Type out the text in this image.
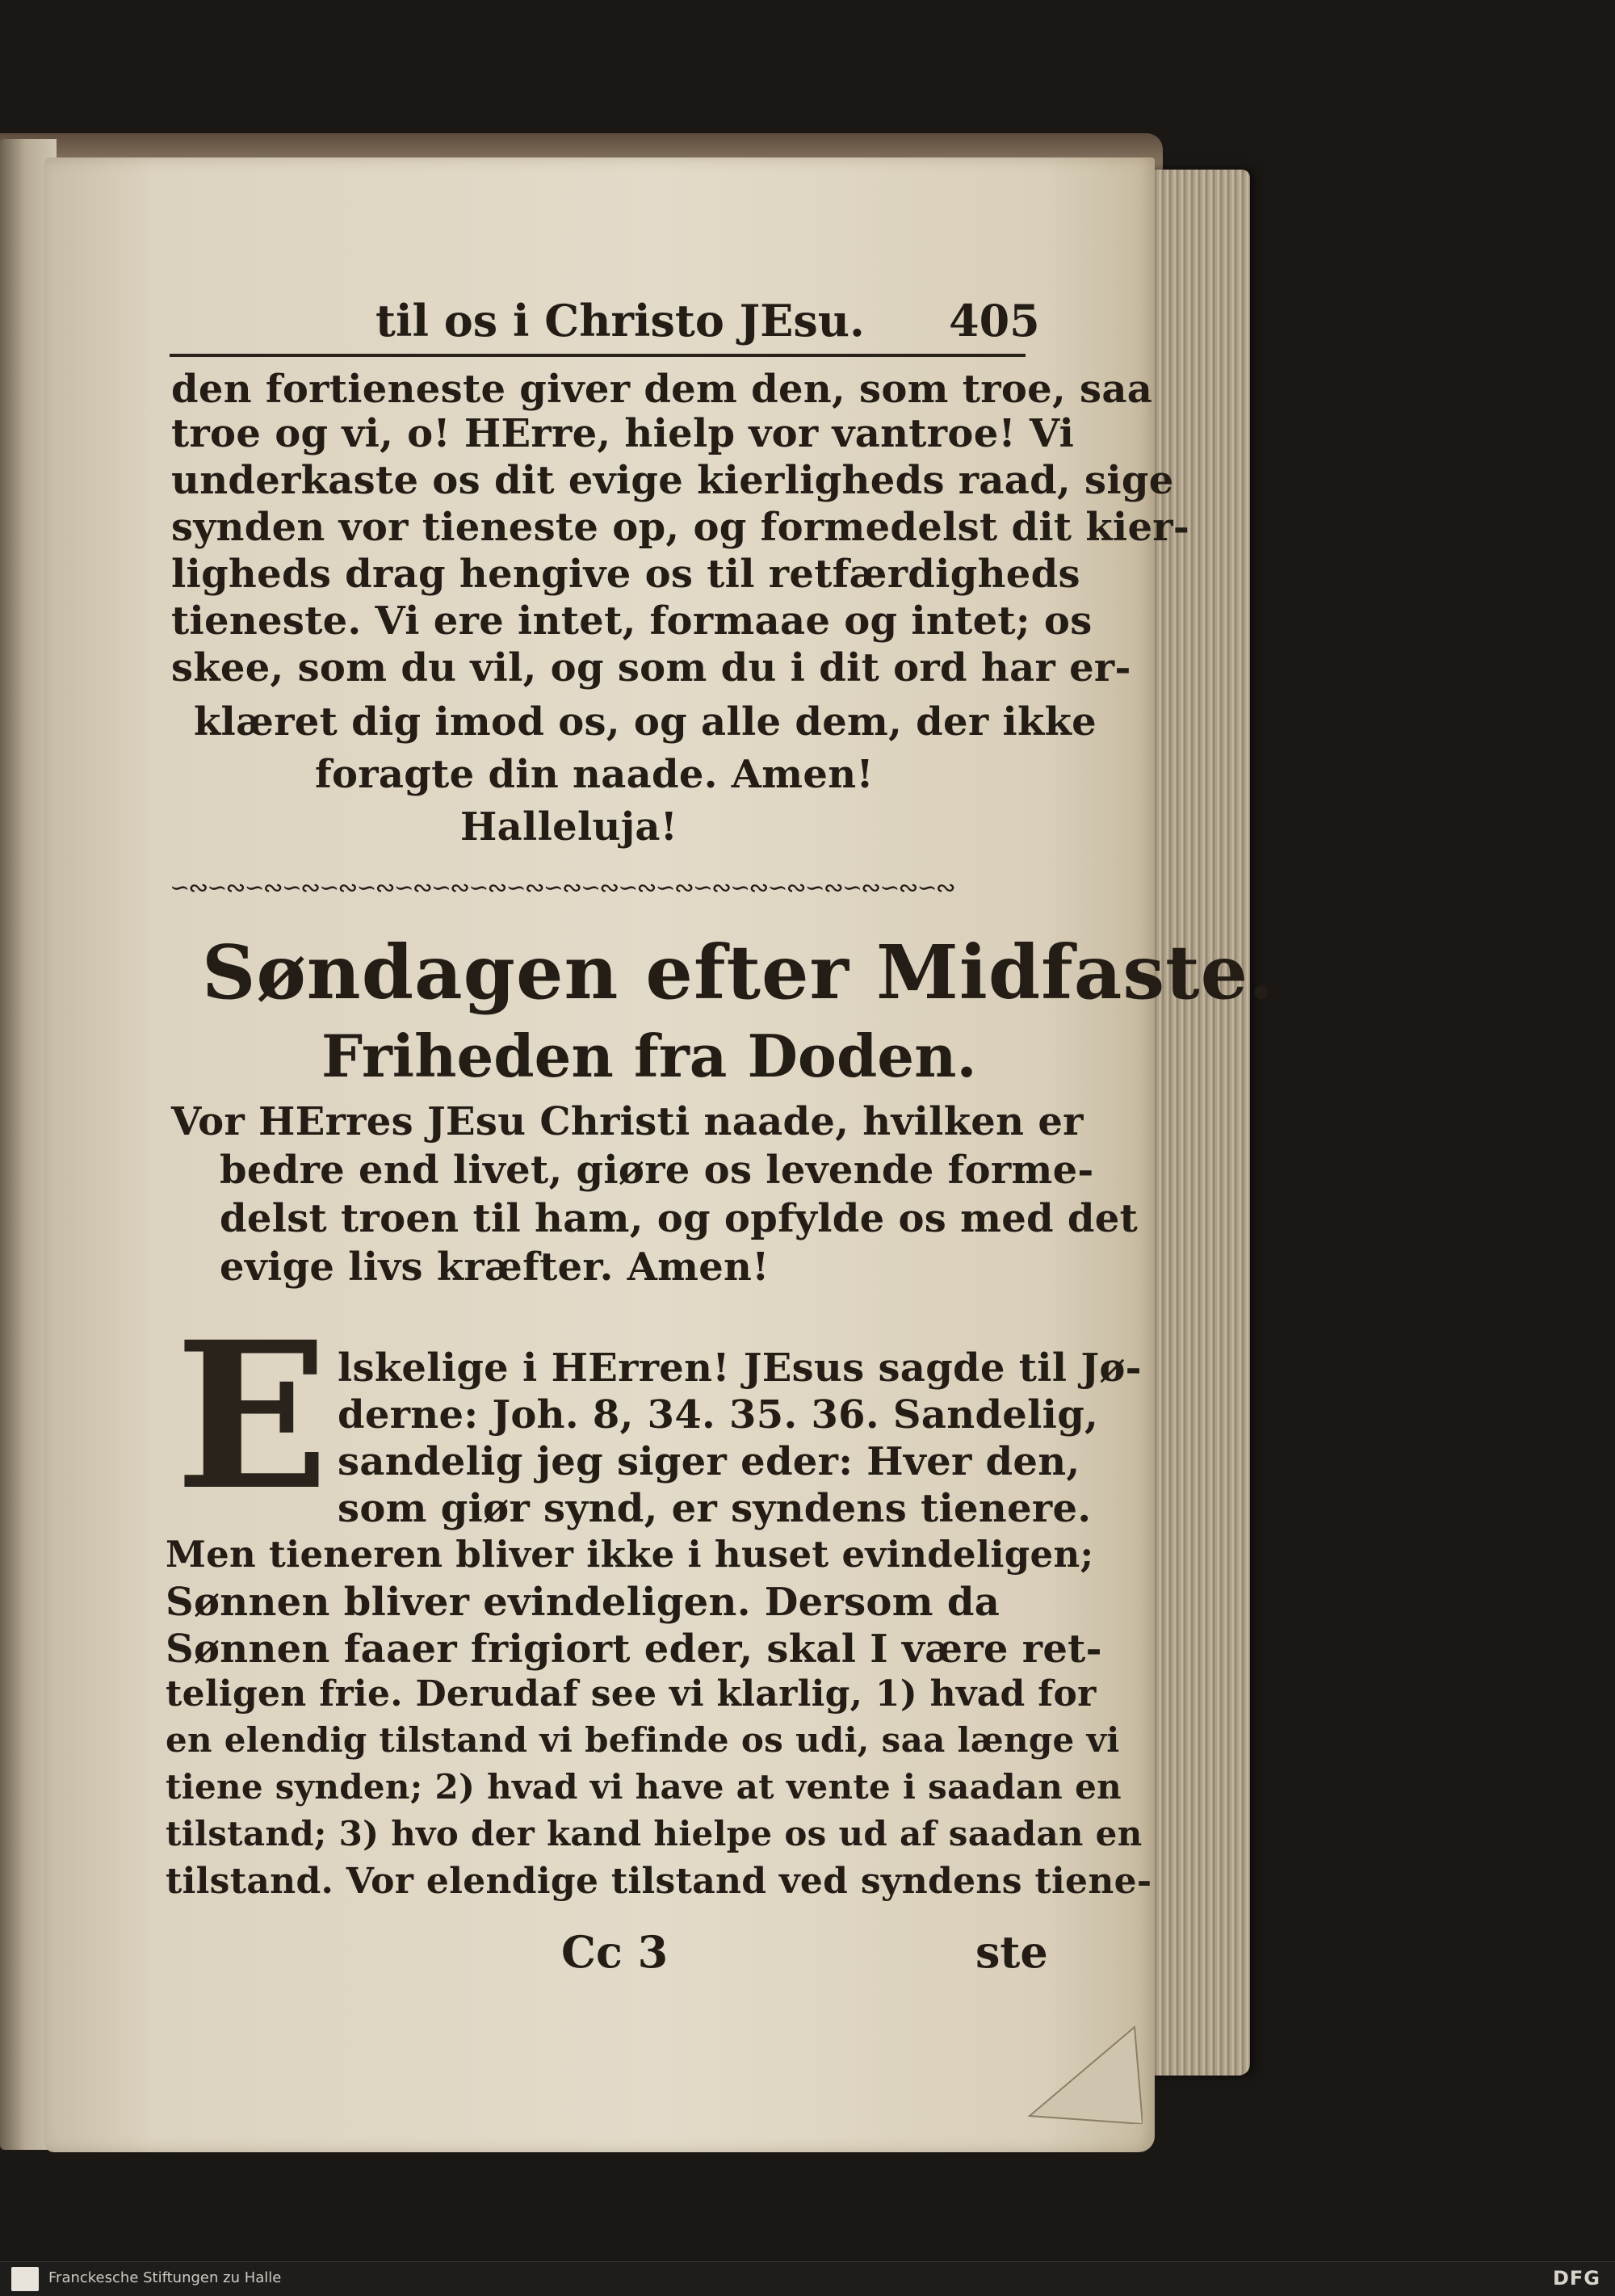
til os i Christo JEsu. 405
den fortieneste giver dem den, som troe, saa
troe og vi, o! HErre, hielp vor vantroe! Vi
underkaste os dit evige kierligheds raad, sige
synden vor tieneste op, og formedelst dit kier-
ligheds drag hengive os til retfærdigheds
tieneste. Vi ere intet, formaae og intet; os
skee, som du vil, og som du i dit ord har er-
klæret dig imod os, og alle dem, der ikke
foragte din naade. Amen!
Halleluja!
∽∾∽∾∽∾∽∾∽∾∽∾∽∾∽∾∽∾∽∾∽∾∽∾∽∾∽∾∽∾∽∾∽∾∽∾∽∾∽∾∽∾
Søndagen efter Midfaste.
Friheden fra Doden.
Vor HErres JEsu Christi naade, hvilken er
bedre end livet, giøre os levende forme-
delst troen til ham, og opfylde os med det
evige livs kræfter. Amen!
E lskelige i HErren! JEsus sagde til Jø-
derne: Joh. 8, 34. 35. 36. Sandelig,
sandelig jeg siger eder: Hver den,
som giør synd, er syndens tienere.
Men tieneren bliver ikke i huset evindeligen;
Sønnen bliver evindeligen. Dersom da
Sønnen faaer frigiort eder, skal I være ret-
teligen frie. Derudaf see vi klarlig, 1) hvad for
en elendig tilstand vi befinde os udi, saa længe vi
tiene synden; 2) hvad vi have at vente i saadan en
tilstand; 3) hvo der kand hielpe os ud af saadan en
tilstand. Vor elendige tilstand ved syndens tiene-
Cc 3	ste
Franckesche Stiftungen zu Halle	DFG
